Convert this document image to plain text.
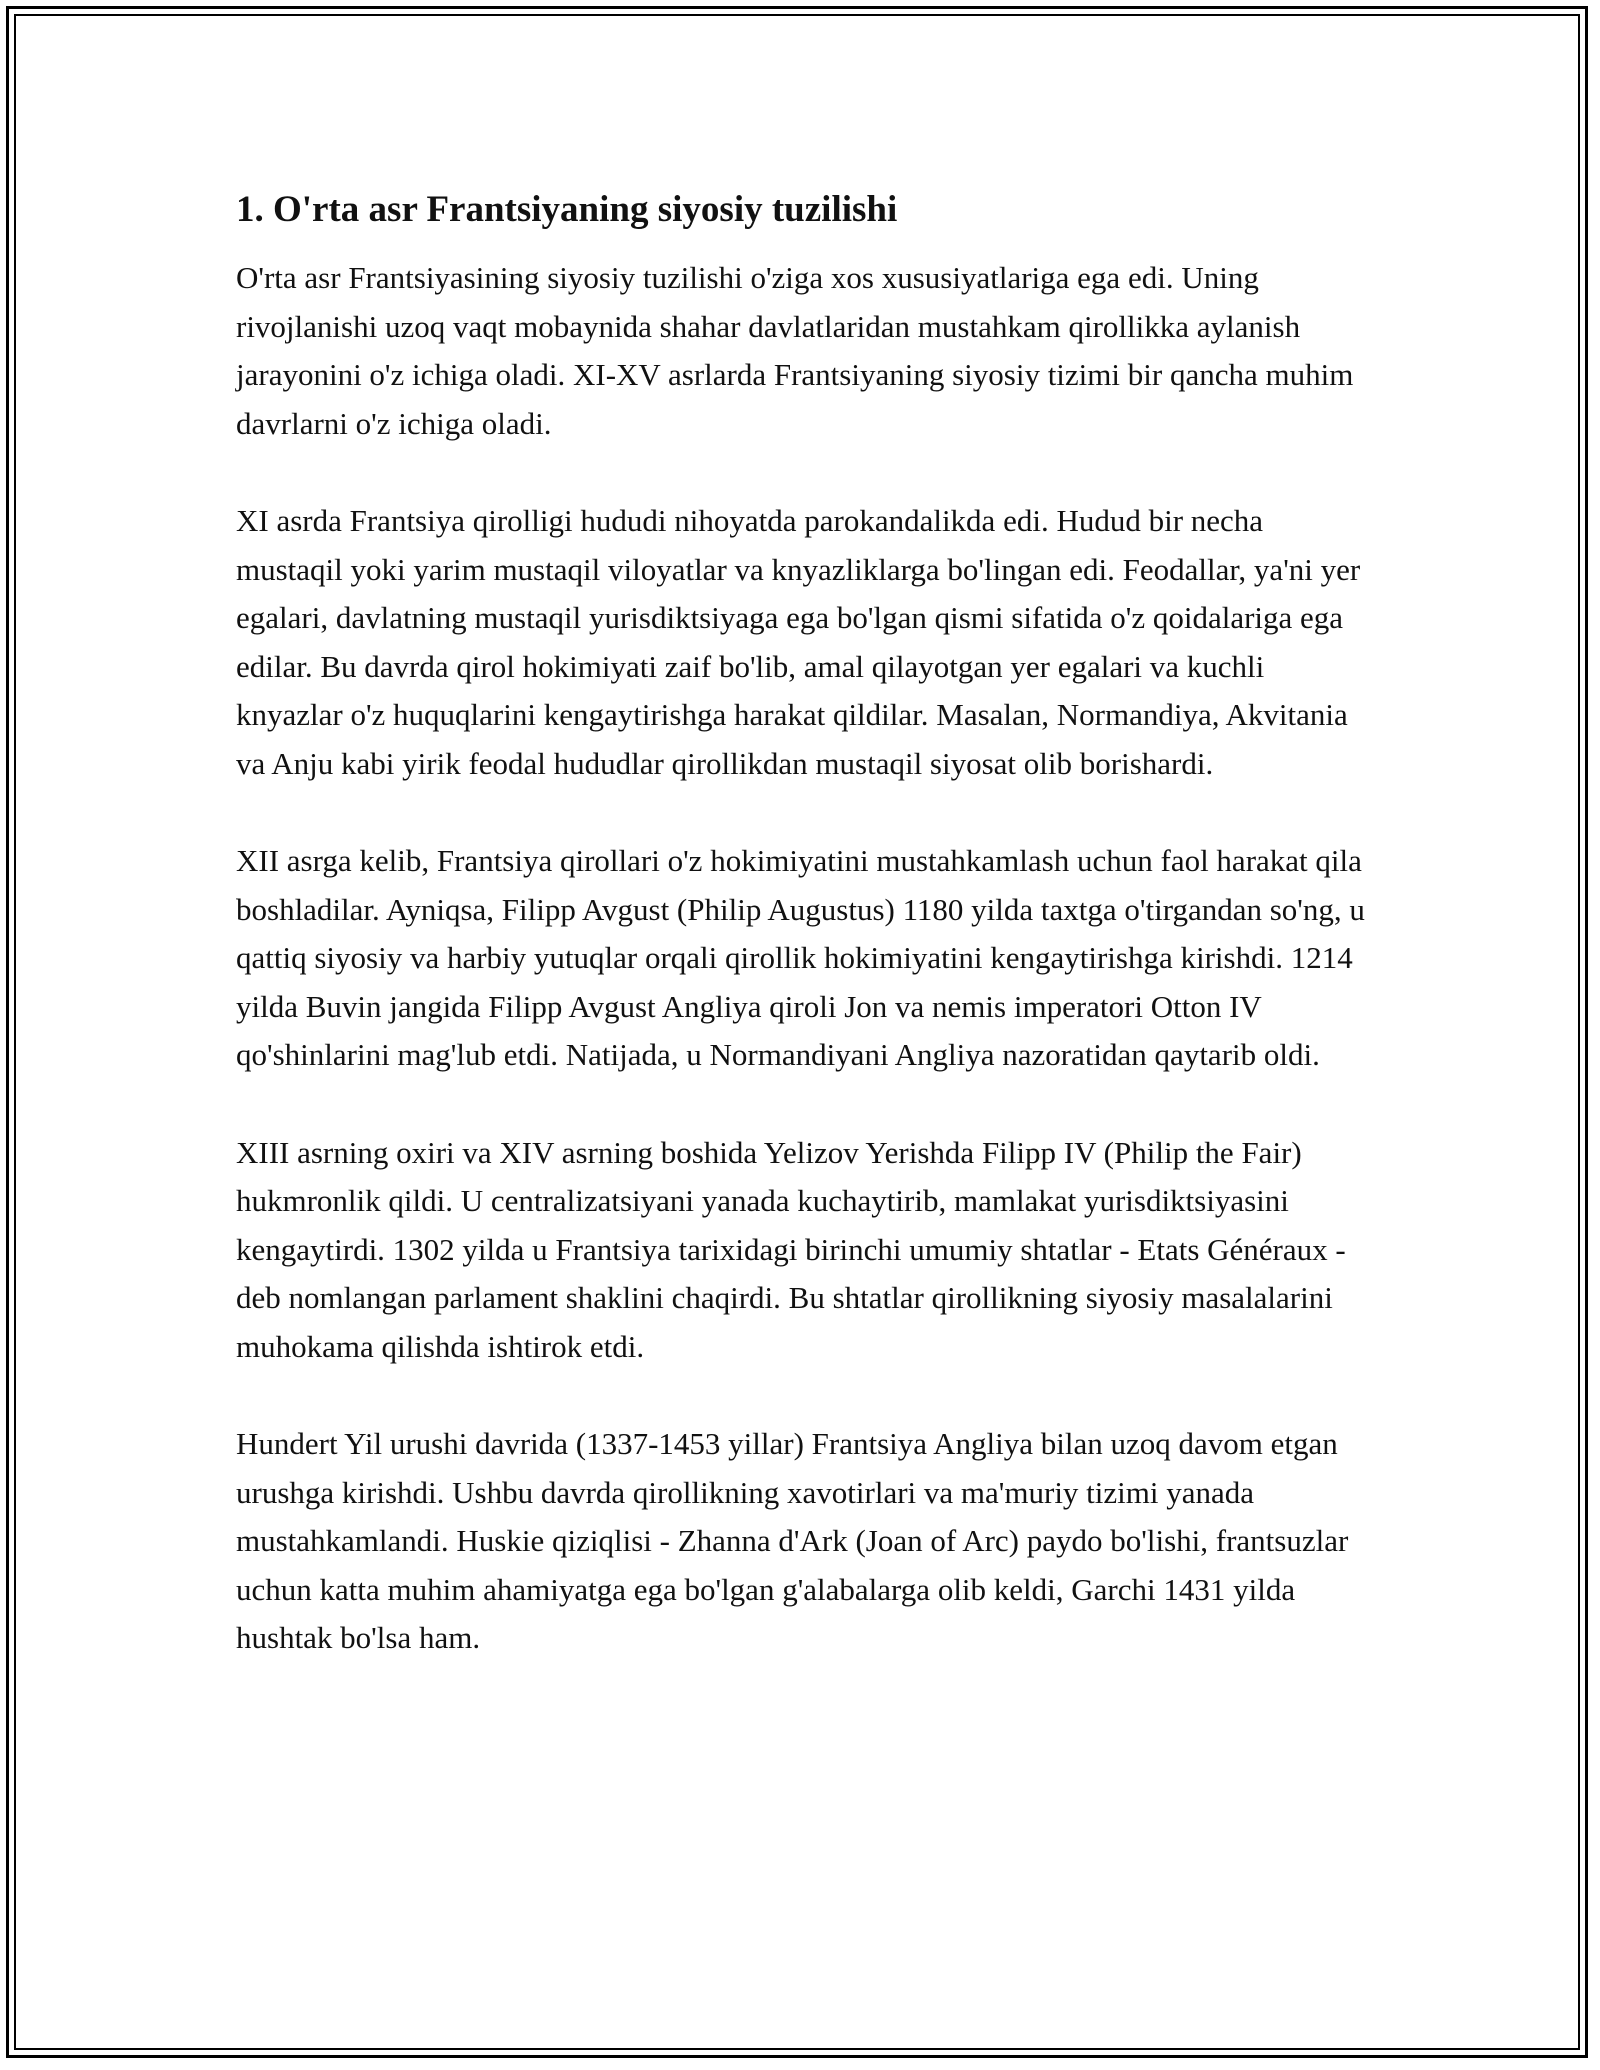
1. O'rta asr Frantsiyaning siyosiy tuzilishi

O'rta asr Frantsiyasining siyosiy tuzilishi o'ziga xos xususiyatlariga ega edi. Uning rivojlanishi uzoq vaqt mobaynida shahar davlatlaridan mustahkam qirollikka aylanish jarayonini o'z ichiga oladi. XI-XV asrlarda Frantsiyaning siyosiy tizimi bir qancha muhim davrlarni o'z ichiga oladi.

XI asrda Frantsiya qirolligi hududi nihoyatda parokandalikda edi. Hudud bir necha mustaqil yoki yarim mustaqil viloyatlar va knyazliklarga bo'lingan edi. Feodallar, ya'ni yer egalari, davlatning mustaqil yurisdiktsiyaga ega bo'lgan qismi sifatida o'z qoidalariga ega edilar. Bu davrda qirol hokimiyati zaif bo'lib, amal qilayotgan yer egalari va kuchli knyazlar o'z huquqlarini kengaytirishga harakat qildilar. Masalan, Normandiya, Akvitania va Anju kabi yirik feodal hududlar qirollikdan mustaqil siyosat olib borishardi.

XII asrga kelib, Frantsiya qirollari o'z hokimiyatini mustahkamlash uchun faol harakat qila boshladilar. Ayniqsa, Filipp Avgust (Philip Augustus) 1180 yilda taxtga o'tirgandan so'ng, u qattiq siyosiy va harbiy yutuqlar orqali qirollik hokimiyatini kengaytirishga kirishdi. 1214 yilda Buvin jangida Filipp Avgust Angliya qiroli Jon va nemis imperatori Otton IV qo'shinlarini mag'lub etdi. Natijada, u Normandiyani Angliya nazoratidan qaytarib oldi.

XIII asrning oxiri va XIV asrning boshida Yelizov Yerishda Filipp IV (Philip the Fair) hukmronlik qildi. U centralizatsiyani yanada kuchaytirib, mamlakat yurisdiktsiyasini kengaytirdi. 1302 yilda u Frantsiya tarixidagi birinchi umumiy shtatlar - Etats Généraux - deb nomlangan parlament shaklini chaqirdi. Bu shtatlar qirollikning siyosiy masalalarini muhokama qilishda ishtirok etdi.

Hundert Yil urushi davrida (1337-1453 yillar) Frantsiya Angliya bilan uzoq davom etgan urushga kirishdi. Ushbu davrda qirollikning xavotirlari va ma'muriy tizimi yanada mustahkamlandi. Huskie qiziqlisi - Zhanna d'Ark (Joan of Arc) paydo bo'lishi, frantsuzlar uchun katta muhim ahamiyatga ega bo'lgan g'alabalarga olib keldi, Garchi 1431 yilda hushtak bo'lsa ham.
